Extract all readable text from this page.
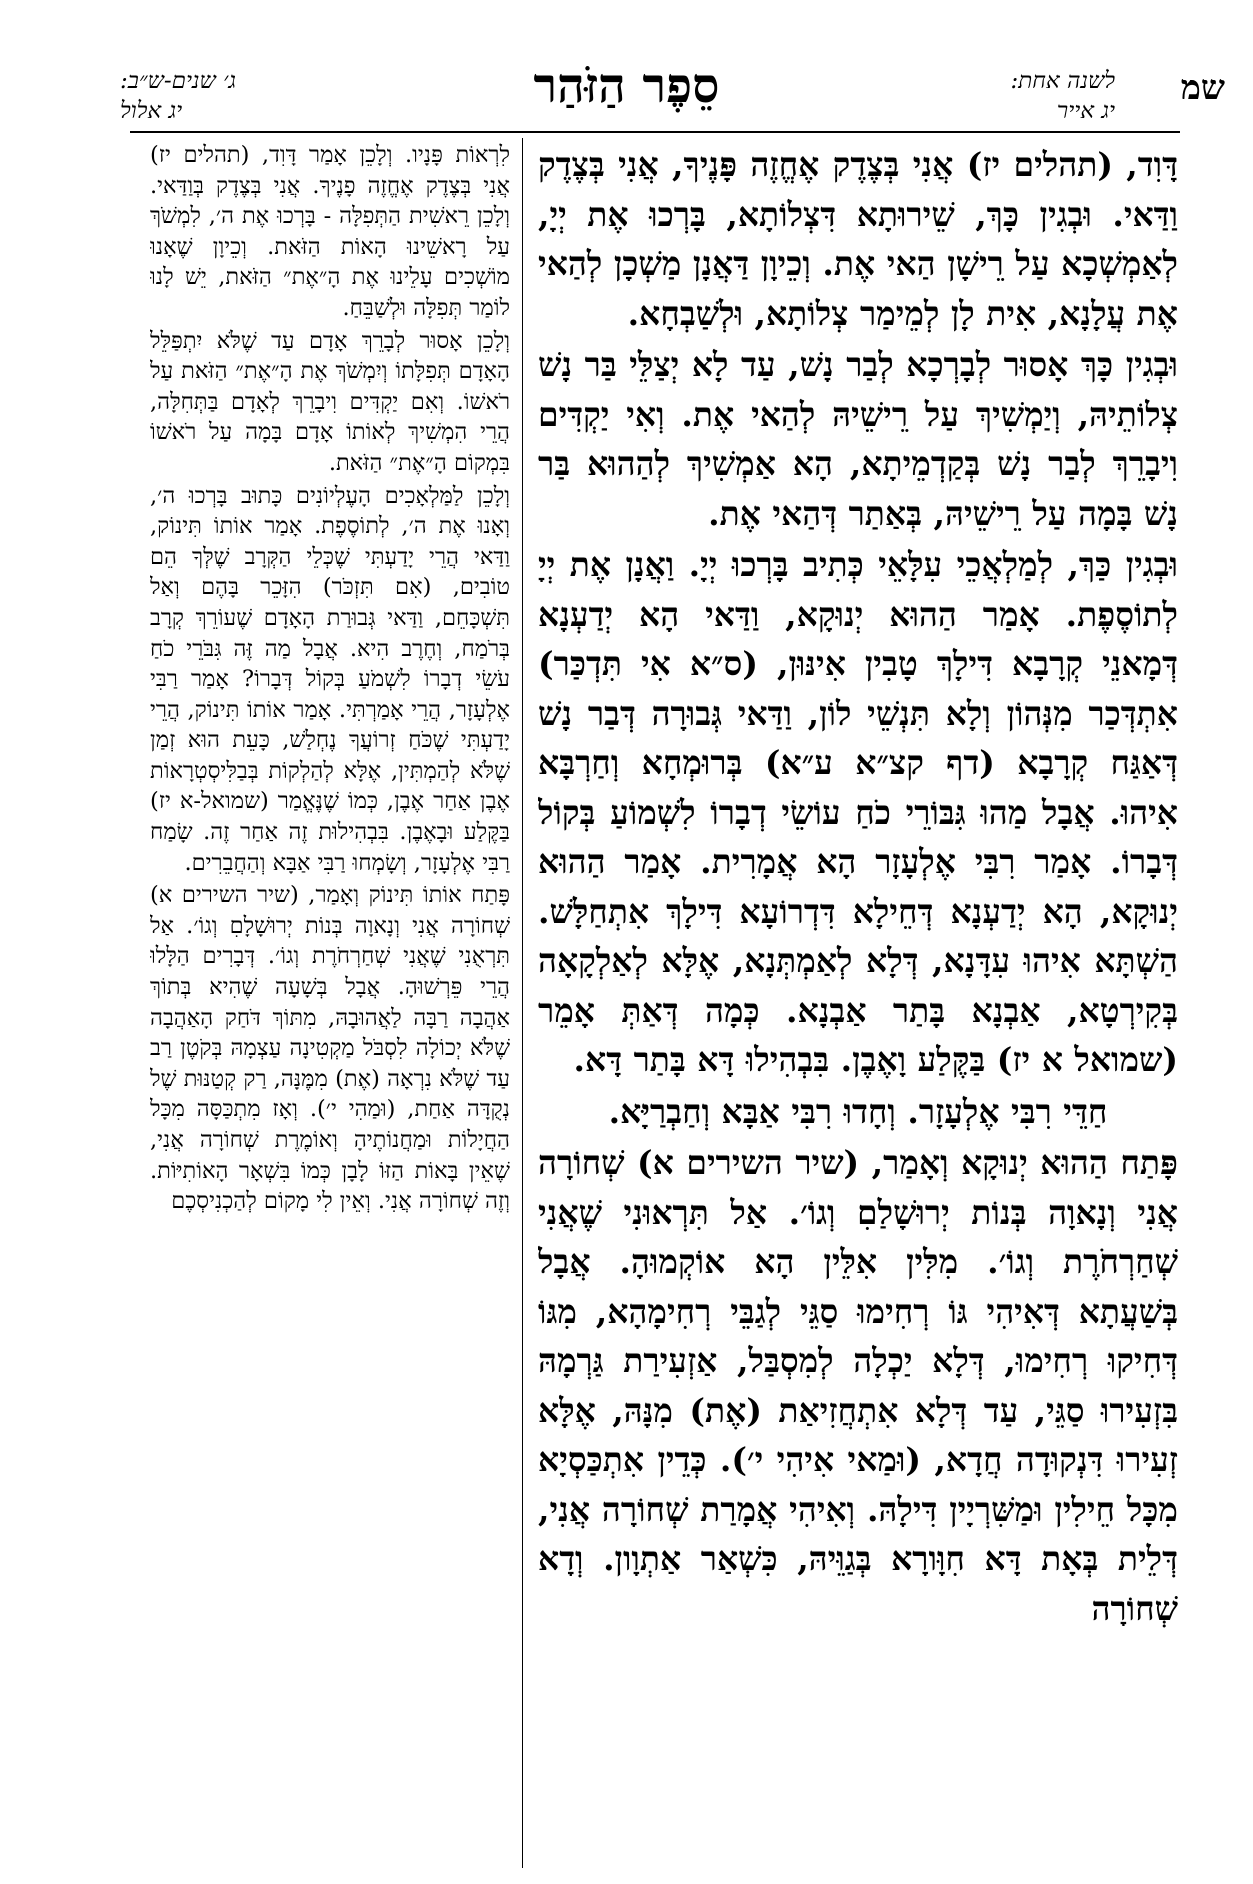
שמ
לשנה אחת:
יג אייר
סֵפֶר הַזֹּהַר
ג׳ שנים-ש״ב:
יג אלול

דָּוִד, (תהלים יז) אֲנִי בְּצֶדֶק אֶחֱזֶה פָּנֶיךָ, אֲנִי בְּצֶדֶק וַדַּאי. וּבְגִין כָּךְ, שֵׁירוּתָא דִּצְלוֹתָא, בָּרְכוּ אֶת יְיָ, לְאַמְשְׁכָא עַל רֵישָׁן הַאי אֶת. וְכֵיוָן דַּאֲנָן מַשְׁכָן לְהַאי אֶת עֲלָנָא, אִית לָן לְמֵימַר צְלוֹתָא, וּלְשַׁבְחָא.

וּבְגִין כָּךְ אָסוּר לְבָרְכָא לְבַר נָשׁ, עַד לָא יְצַלֵּי בַּר נָשׁ צְלוֹתֵיהּ, וְיַמְשִׁיךְ עַל רֵישֵׁיהּ לְהַאי אֶת. וְאִי יַקְדִּים וִיבָרֵךְ לְבַר נָשׁ בְּקַדְמֵיתָא, הָא אַמְשִׁיךְ לְהַהוּא בַּר נָשׁ בָּמָה עַל רֵישֵׁיהּ, בְּאַתַר דְּהַאי אֶת.

וּבְגִין כַּךְ, לְמַלְאֲכֵי עִלָּאֵי כְּתִיב בָּרְכוּ יְיָ. וַאֲנָן אֶת יְיָ לְתוֹסֶפֶת. אָמַר הַהוּא יְנוּקָא, וַדַּאי הָא יְדַעְנָא דְּמָאנֵי קְרָבָא דִּילָךְ טָבִין אִינּוּן, (ס״א אִי תִּדְכַּר) אִתְדְּכַר מִנְּהוֹן וְלָא תִּנְשֵׁי לוֹן, וַדַּאי גְּבוּרָה דְּבַר נָשׁ דְּאַגַּח קְרָבָא (דף קצ״א ע״א) בְּרוּמְחָא וְחַרְבָּא אִיהוּ. אֲבָל מַהוּ גִּבּוֹרֵי כֹחַ עוֹשֵׂי דְבָרוֹ לִשְׁמוֹעַ בְּקוֹל דְּבָרוֹ. אָמַר רִבִּי אֶלְעָזָר הָא אֲמָרִית. אָמַר הַהוּא יְנוּקָא, הָא יְדַעְנָא דְּחֵילָא דִּדְרוֹעָא דִּילָךְ אִתְחַלָּשׁ. הַשְׁתָּא אִיהוּ עִדָּנָא, דְּלָא לְאַמְתְּנָא, אֶלָּא לְאַלְקָאָה בְּקִירְטָא, אַבְנָא בָּתַר אַבְנָא. כְּמָה דְּאַתְּ אָמֵר (שמואל א יז) בַּקֶּלַע וָאֶבֶן. בִּבְהִילוּ דָּא בָּתַר דָּא.

חַדֵּי רִבִּי אֶלְעָזָר. וְחָדוּ רִבִּי אַבָּא וְחַבְרַיָּא.

פָּתַח הַהוּא יְנוּקָא וְאָמַר, (שיר השירים א) שְׁחוֹרָה אֲנִי וְנָאוָה בְּנוֹת יְרוּשָׁלַםִ וְגוֹ׳. אַל תִּרְאוּנִי שֶׁאֲנִי שְׁחַרְחֹרֶת וְגוֹ׳. מִלִּין אִלֵּין הָא אוֹקְמוּהָ. אֲבָל בְּשַׁעֲתָא דְּאִיהִי גּוֹ רְחִימוּ סַגֵּי לְגַבֵּי רְחִימָהָא, מִגּוֹ דְּחִיקוּ רְחִימוּ, דְּלָא יַכְלָה לְמִסְבַּל, אַזְעִירַת גַּרְמָהּ בִּזְעִירוּ סַגֵּי, עַד דְּלָא אִתְחֲזִיאַת (אֶת) מִנָּהּ, אֶלָּא זְעִירוּ דִּנְקוּדָה חֲדָא, (וּמַאי אִיהִי י׳). כְּדֵין אִתְכַּסְיָא מִכָּל חֵילִין וּמַשִּׁרְיָין דִּילָהּ. וְאִיהִי אֲמָרַת שְׁחוֹרָה אֲנִי, דְּלֵית בְּאָת דָּא חִוָּורָא בְּגַוֵּיהּ, כִּשְׁאַר אַתְוָון. וְדָא שְׁחוֹרָה

לִרְאוֹת פָּנָיו. וְלָכֵן אָמַר דָּוִד, (תהלים יז) אֲנִי בְּצֶדֶק אֶחֱזֶה פָנֶיךָ. אֲנִי בְּצֶדֶק בְּוַדַּאי. וְלָכֵן רֵאשִׁית הַתְּפִלָּה - בָּרְכוּ אֶת ה׳, לִמְשֹׁךְ עַל רָאשֵׁינוּ הָאוֹת הַזֹּאת. וְכֵיוָן שֶׁאָנוּ מוֹשְׁכִים עָלֵינוּ אֶת הָ״אֶת״ הַזֹּאת, יֵשׁ לָנוּ לוֹמַר תְּפִלָּה וּלְשַׁבֵּחַ.

וְלָכֵן אָסוּר לְבָרֵךְ אָדָם עַד שֶׁלֹּא יִתְפַּלֵּל הָאָדָם תְּפִלָּתוֹ וְיִמְשֹׁךְ אֶת הָ״אֶת״ הַזֹּאת עַל רֹאשׁוֹ. וְאִם יַקְדִּים וִיבָרֵךְ לְאָדָם בַּתְּחִלָּה, הֲרֵי הִמְשִׁיךְ לְאוֹתוֹ אָדָם בָּמָה עַל רֹאשׁוֹ בִּמְקוֹם הָ״אֶת״ הַזֹּאת.

וְלָכֵן לַמַּלְאָכִים הָעֶלְיוֹנִים כָּתוּב בָּרְכוּ ה׳, וְאָנוּ אֶת ה׳, לְתוֹסֶפֶת. אָמַר אוֹתוֹ תִּינוֹק, וַדַּאי הֲרֵי יָדַעְתִּי שֶׁכְּלֵי הַקְּרָב שֶׁלְּךָ הֵם טוֹבִים, (אִם תִּזְכֹּר) הִזָּכֵר בָּהֶם וְאַל תִּשְׁכָּחֵם, וַדַּאי גְּבוּרַת הָאָדָם שֶׁעוֹרֵךְ קְרָב בְּרֹמַח, וְחֶרֶב הִיא. אֲבָל מַה זֶּה גִּבֹּרֵי כֹחַ עֹשֵׂי דְבָרוֹ לִשְׁמֹעַ בְּקוֹל דְּבָרוֹ? אָמַר רַבִּי אֶלְעָזָר, הֲרֵי אָמַרְתִּי. אָמַר אוֹתוֹ תִּינוֹק, הֲרֵי יָדַעְתִּי שֶׁכֹּחַ זְרוֹעֲךָ נֶחְלַשׁ, כָּעֵת הוּא זְמַן שֶׁלֹּא לְהַמְתִּין, אֶלָּא לְהַלְקוֹת בְּבַלִּיסְטְרָאוֹת אֶבֶן אַחַר אֶבֶן, כְּמוֹ שֶׁנֶּאֱמַר (שמואל-א יז) בַּקֶּלַע וּבָאֶבֶן. בִּבְהִילוּת זֶה אַחַר זֶה. שָׂמַח רַבִּי אֶלְעָזָר, וְשָׂמְחוּ רַבִּי אַבָּא וְהַחֲבֵרִים.

פָּתַח אוֹתוֹ תִּינוֹק וְאָמַר, (שיר השירים א) שְׁחוֹרָה אֲנִי וְנָאוָה בְּנוֹת יְרוּשָׁלָםִ וְגוֹ׳. אַל תִּרְאֻנִי שֶׁאֲנִי שְׁחַרְחֹרֶת וְגוֹ׳. דְּבָרִים הַלָּלוּ הֲרֵי פֵּרְשׁוּהָ. אֲבָל בְּשָׁעָה שֶׁהִיא בְּתוֹךְ אַהֲבָה רַבָּה לַאֲהוּבָהּ, מִתּוֹךְ דֹּחַק הָאַהֲבָה שֶׁלֹּא יְכוֹלָה לִסְבֹּל מַקְטִינָה עַצְמָהּ בְּקֹטֶן רַב עַד שֶׁלֹּא נִרְאָה (אֶת) מִמֶּנָּה, רַק קְטַנּוּת שֶׁל נְקֻדָּה אַחַת, (וּמַהִי י׳). וְאָז מִתְכַּסָּה מִכָּל הַחֲיָלוֹת וּמַחֲנוֹתֶיהָ וְאוֹמֶרֶת שְׁחוֹרָה אֲנִי, שֶׁאֵין בָּאוֹת הַזּוֹ לָבָן כְּמוֹ בִּשְׁאָר הָאוֹתִיּוֹת. וְזֶה שְׁחוֹרָה אֲנִי. וְאֵין לִי מָקוֹם לְהַכְנִיסְכֶם
